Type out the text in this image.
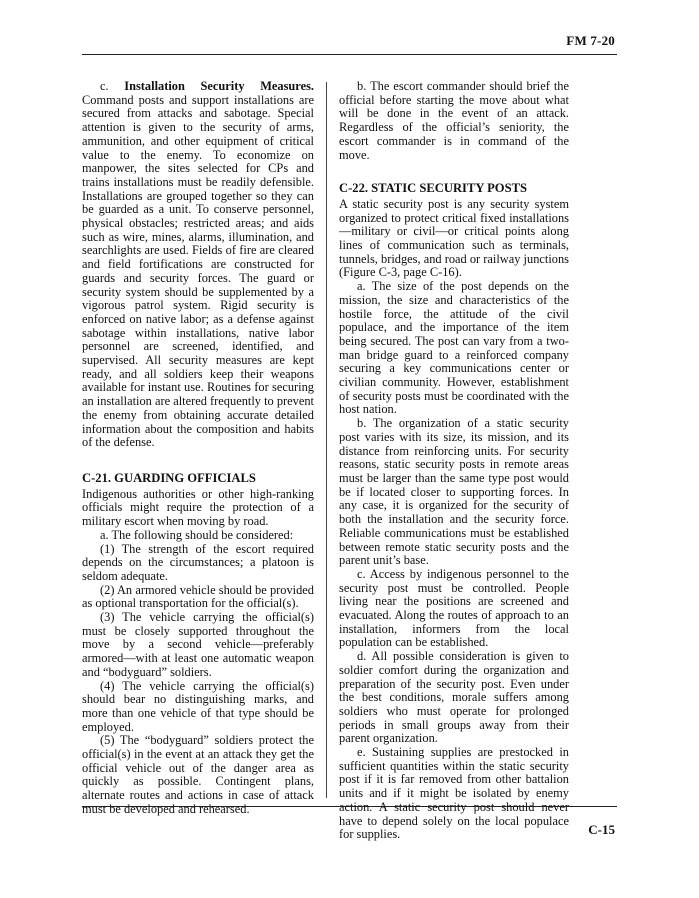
FM 7-20

c. Installation Security Measures. Command posts and support installations are secured from attacks and sabotage. Special attention is given to the security of arms, ammunition, and other equipment of critical value to the enemy. To economize on manpower, the sites selected for CPs and trains installations must be readily defensible. Installations are grouped together so they can be guarded as a unit. To conserve personnel, physical obstacles; restricted areas; and aids such as wire, mines, alarms, illumination, and searchlights are used. Fields of fire are cleared and field fortifications are constructed for guards and security forces. The guard or security system should be supplemented by a vigorous patrol system. Rigid security is enforced on native labor; as a defense against sabotage within installations, native labor personnel are screened, identified, and supervised. All security measures are kept ready, and all soldiers keep their weapons available for instant use. Routines for securing an installation are altered frequently to prevent the enemy from obtaining accurate detailed information about the composition and habits of the defense.

C-21. GUARDING OFFICIALS

Indigenous authorities or other high-ranking officials might require the protection of a military escort when moving by road.

a. The following should be considered:

(1) The strength of the escort required depends on the circumstances; a platoon is seldom adequate.

(2) An armored vehicle should be provided as optional transportation for the official(s).

(3) The vehicle carrying the official(s) must be closely supported throughout the move by a second vehicle—preferably armored—with at least one automatic weapon and “bodyguard” soldiers.

(4) The vehicle carrying the official(s) should bear no distinguishing marks, and more than one vehicle of that type should be employed.

(5) The “bodyguard” soldiers protect the official(s) in the event at an attack they get the official vehicle out of the danger area as quickly as possible. Contingent plans, alternate routes and actions in case of attack must be developed and rehearsed.

b. The escort commander should brief the official before starting the move about what will be done in the event of an attack. Regardless of the official’s seniority, the escort commander is in command of the move.

C-22. STATIC SECURITY POSTS

A static security post is any security system organized to protect critical fixed installations—military or civil—or critical points along lines of communication such as terminals, tunnels, bridges, and road or railway junctions (Figure C-3, page C-16).

a. The size of the post depends on the mission, the size and characteristics of the hostile force, the attitude of the civil populace, and the importance of the item being secured. The post can vary from a two-man bridge guard to a reinforced company securing a key communications center or civilian community. However, establishment of security posts must be coordinated with the host nation.

b. The organization of a static security post varies with its size, its mission, and its distance from reinforcing units. For security reasons, static security posts in remote areas must be larger than the same type post would be if located closer to supporting forces. In any case, it is organized for the security of both the installation and the security force. Reliable communications must be established between remote static security posts and the parent unit’s base.

c. Access by indigenous personnel to the security post must be controlled. People living near the positions are screened and evacuated. Along the routes of approach to an installation, informers from the local population can be established.

d. All possible consideration is given to soldier comfort during the organization and preparation of the security post. Even under the best conditions, morale suffers among soldiers who must operate for prolonged periods in small groups away from their parent organization.

e. Sustaining supplies are prestocked in sufficient quantities within the static security post if it is far removed from other battalion units and if it might be isolated by enemy action. A static security post should never have to depend solely on the local populace for supplies.	C-15
